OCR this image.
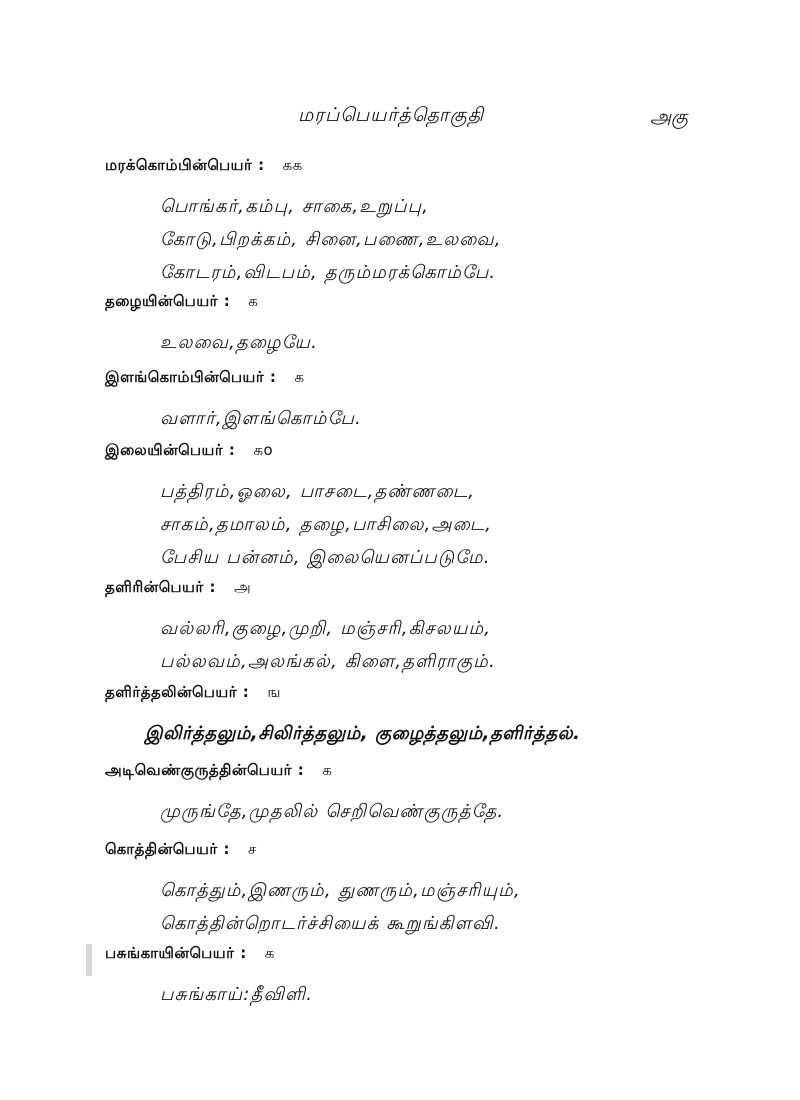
மரப்பெயர்த்தொகுதி	அகு
மரக்கொம்பின்பெயர் : கக
பொங்கர்,கம்பு, சாகை,உறுப்பு,
கோடு,பிறக்கம், சினை,பணை,உலவை,
கோடரம்,விடபம், தரும்மரக்கொம்பே.
தழையின்பெயர் : க
உலவை,தழையே.
இளங்கொம்பின்பெயர் : க
வளார்,இளங்கொம்பே.
இலையின்பெயர் : கo
பத்திரம்,ஓலை, பாசடை,தண்ணடை,
சாகம்,தமாலம், தழை,பாசிலை,அடை,
பேசிய பன்னம், இலையெனப்படுமே.
தளிரின்பெயர் : அ
வல்லரி,குழை,முறி, மஞ்சரி,கிசலயம்,
பல்லவம்,அலங்கல், கிளை,தளிராகும்.
தளிர்த்தலின்பெயர் : ங
இலிர்த்தலும்,சிலிர்த்தலும், குழைத்தலும்,தளிர்த்தல்.
அடிவெண்குருத்தின்பெயர் : க
முருங்தே,முதலில் செறிவெண்குருத்தே.
கொத்தின்பெயர் : ச
கொத்தும்,இணரும், துணரும்,மஞ்சரியும்,
கொத்தின்றொடர்ச்சியைக் கூறுங்கிளவி.
பசுங்காயின்பெயர் : க
பசுங்காய்:தீவிளி.
